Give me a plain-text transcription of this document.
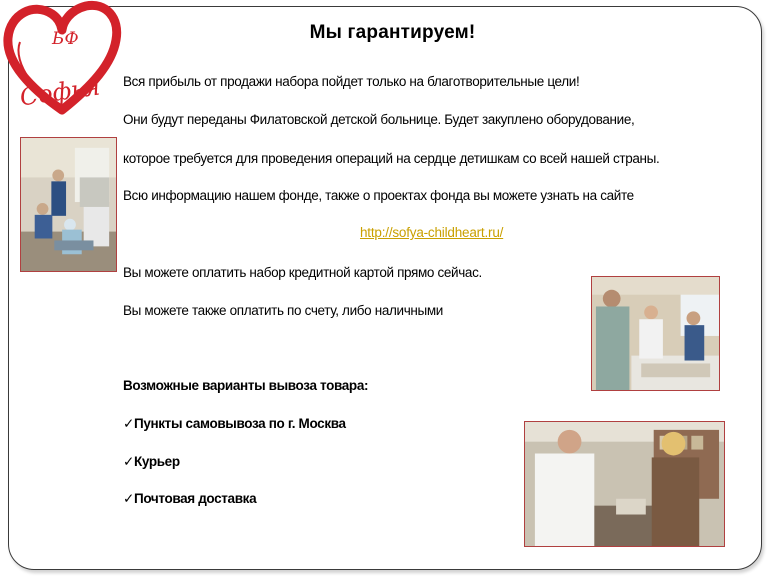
БФ
Софья
Мы гарантируем!
Вся прибыль от продажи набора пойдет только на благотворительные цели!
Они будут переданы Филатовской детской больнице. Будет закуплено оборудование,
которое требуется для проведения операций на сердце детишкам со всей нашей страны.
Всю информацию нашем фонде, также о проектах фонда вы можете узнать на сайте
http://sofya-childheart.ru/
Вы можете оплатить набор кредитной картой прямо сейчас.
Вы можете также оплатить по счету, либо наличными
Возможные варианты вывоза товара:
✓Пункты самовывоза по г. Москва
✓Курьер
✓Почтовая доставка
